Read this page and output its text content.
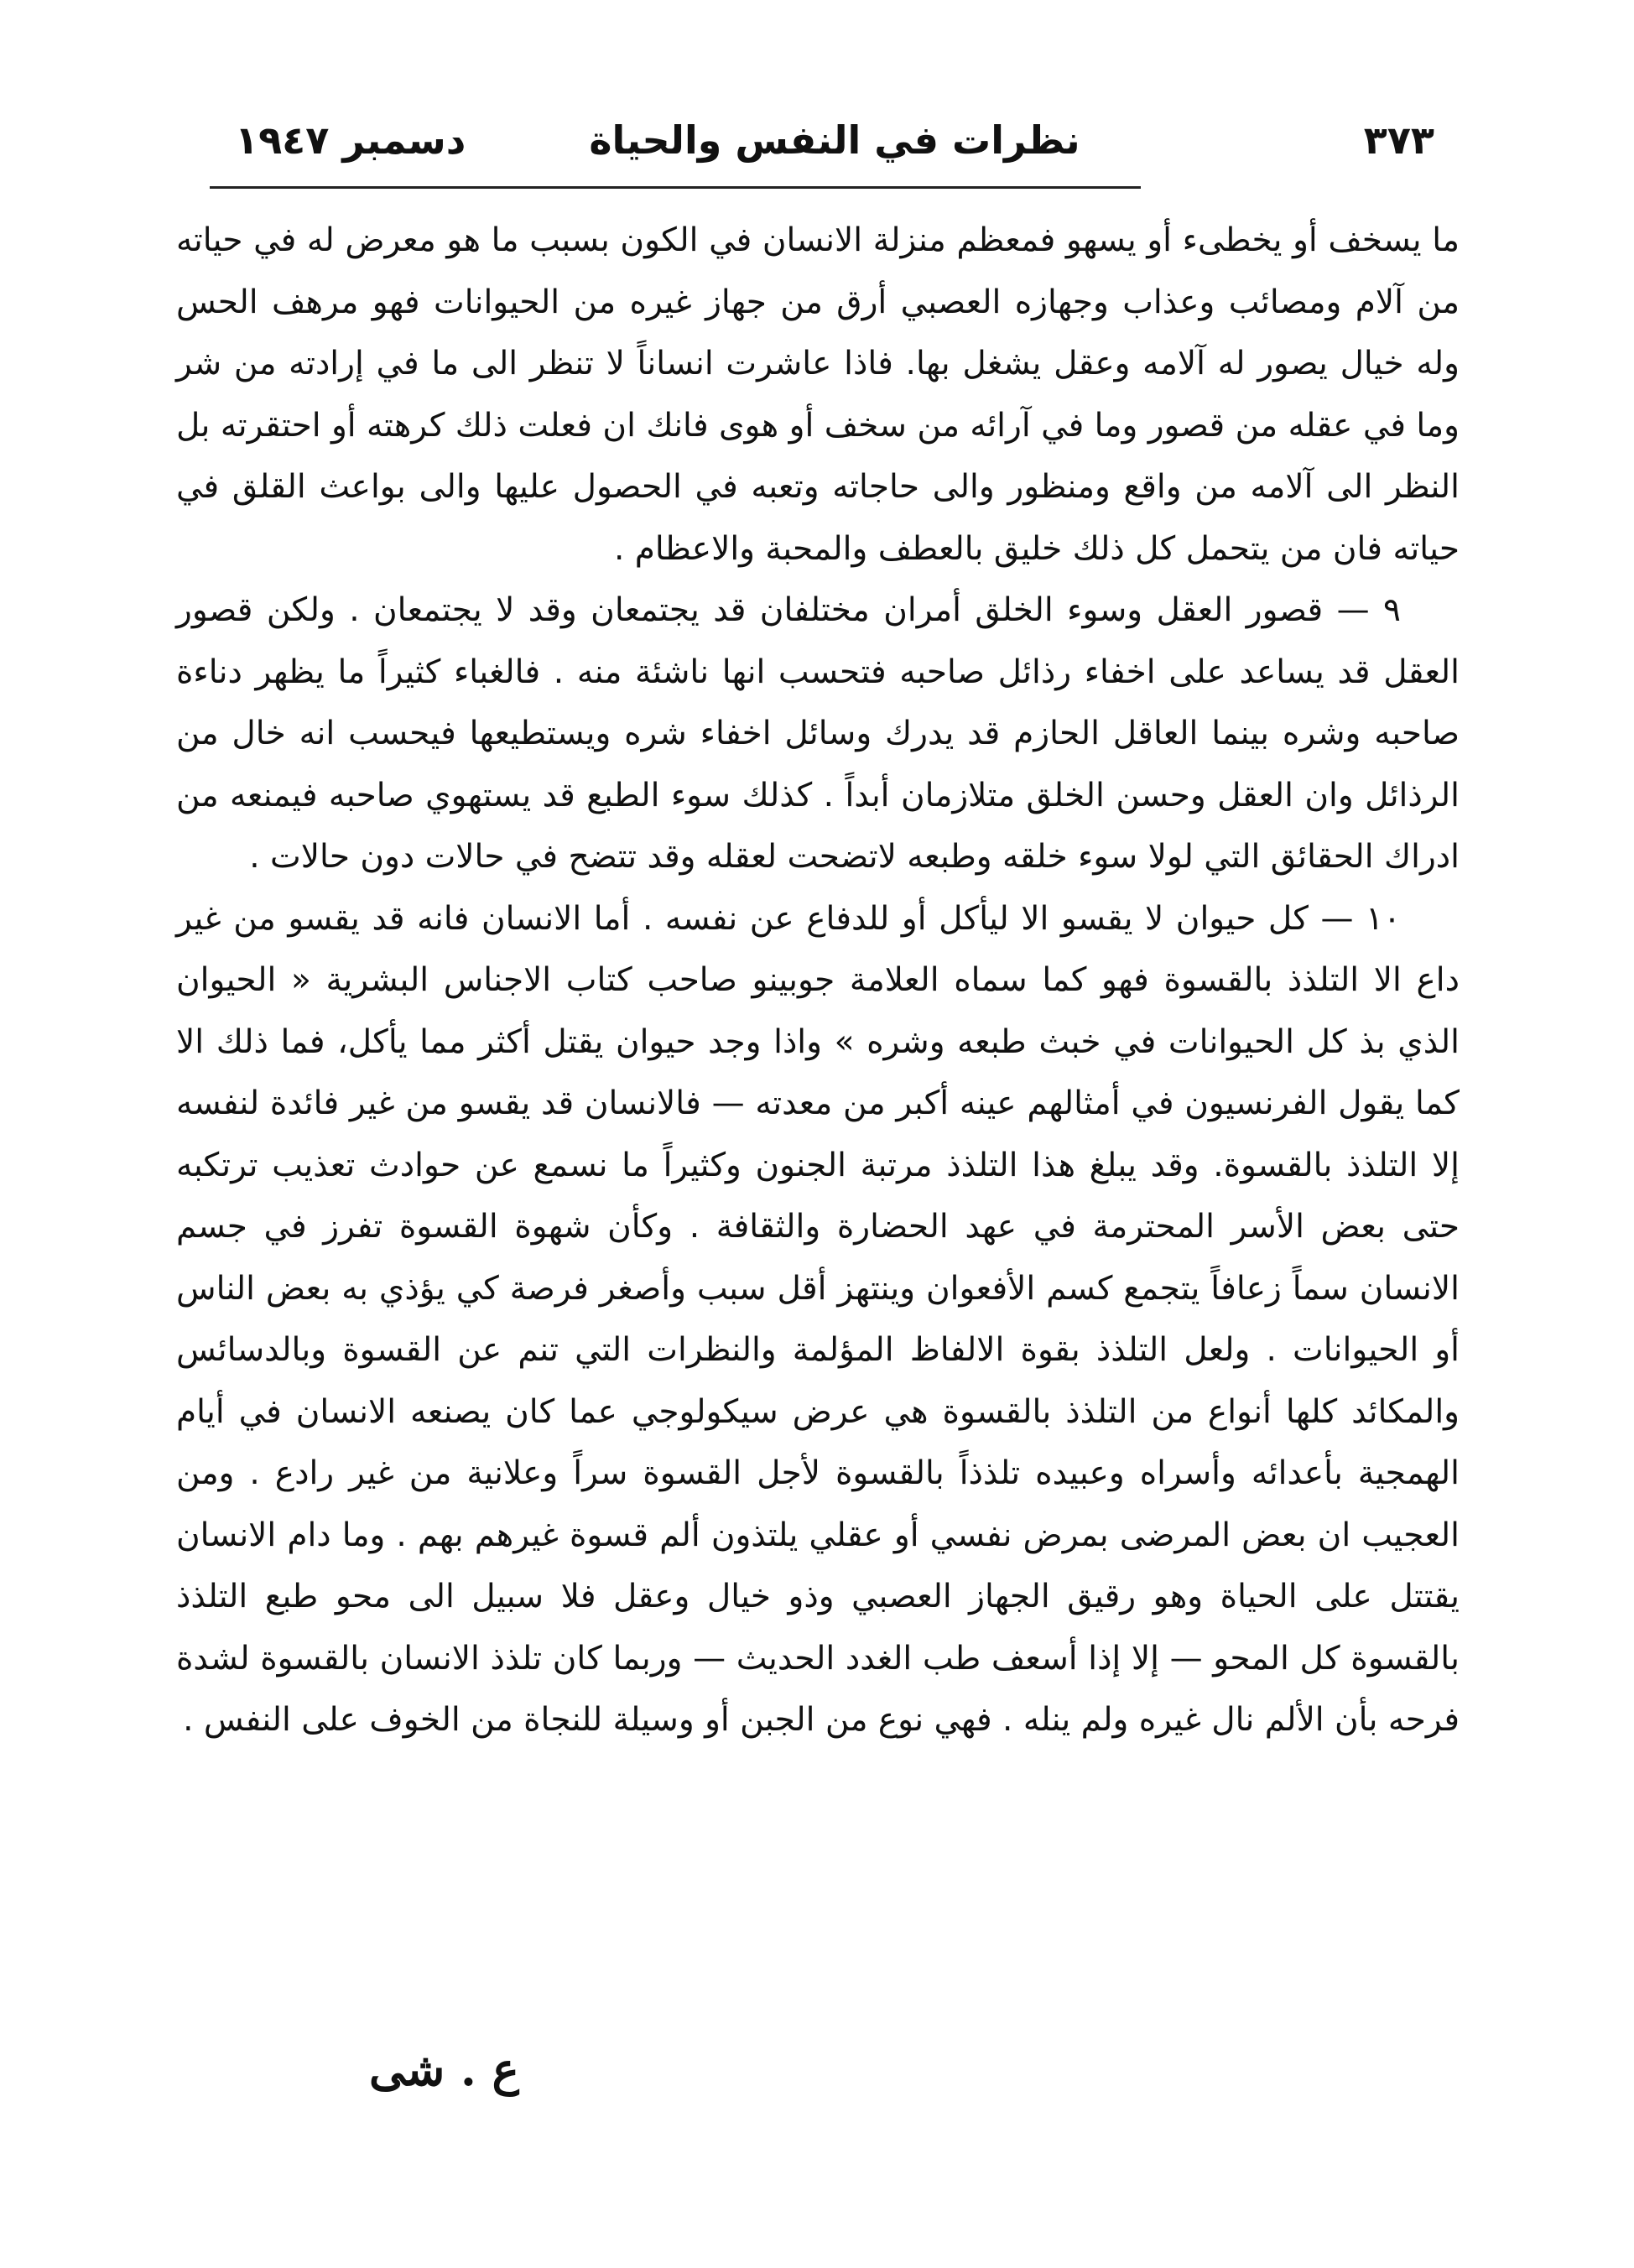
٣٧٣
نظرات في النفس والحياة
دسمبر ١٩٤٧

ما يسخف أو يخطىء أو يسهو فمعظم منزلة الانسان في الكون بسبب ما هو معرض له في حياته من آلام ومصائب وعذاب وجهازه العصبي أرق من جهاز غيره من الحيوانات فهو مرهف الحس وله خيال يصور له آلامه وعقل يشغل بها. فاذا عاشرت انساناً لا تنظر الى ما في إرادته من شر وما في عقله من قصور وما في آرائه من سخف أو هوى فانك ان فعلت ذلك كرهته أو احتقرته بل النظر الى آلامه من واقع ومنظور والى حاجاته وتعبه في الحصول عليها والى بواعث القلق في حياته فان من يتحمل كل ذلك خليق بالعطف والمحبة والاعظام .

٩ — قصور العقل وسوء الخلق أمران مختلفان قد يجتمعان وقد لا يجتمعان . ولكن قصور العقل قد يساعد على اخفاء رذائل صاحبه فتحسب انها ناشئة منه . فالغباء كثيراً ما يظهر دناءة صاحبه وشره بينما العاقل الحازم قد يدرك وسائل اخفاء شره ويستطيعها فيحسب انه خال من الرذائل وان العقل وحسن الخلق متلازمان أبداً . كذلك سوء الطبع قد يستهوي صاحبه فيمنعه من ادراك الحقائق التي لولا سوء خلقه وطبعه لاتضحت لعقله وقد تتضح في حالات دون حالات .

١٠ — كل حيوان لا يقسو الا ليأكل أو للدفاع عن نفسه . أما الانسان فانه قد يقسو من غير داع الا التلذذ بالقسوة فهو كما سماه العلامة جوبينو صاحب كتاب الاجناس البشرية « الحيوان الذي بذ كل الحيوانات في خبث طبعه وشره » واذا وجد حيوان يقتل أكثر مما يأكل، فما ذلك الا كما يقول الفرنسيون في أمثالهم عينه أكبر من معدته — فالانسان قد يقسو من غير فائدة لنفسه إلا التلذذ بالقسوة. وقد يبلغ هذا التلذذ مرتبة الجنون وكثيراً ما نسمع عن حوادث تعذيب ترتكبه حتى بعض الأسر المحترمة في عهد الحضارة والثقافة . وكأن شهوة القسوة تفرز في جسم الانسان سماً زعافاً يتجمع كسم الأفعوان وينتهز أقل سبب وأصغر فرصة كي يؤذي به بعض الناس أو الحيوانات . ولعل التلذذ بقوة الالفاظ المؤلمة والنظرات التي تنم عن القسوة وبالدسائس والمكائد كلها أنواع من التلذذ بالقسوة هي عرض سيكولوجي عما كان يصنعه الانسان في أيام الهمجية بأعدائه وأسراه وعبيده تلذذاً بالقسوة لأجل القسوة سراً وعلانية من غير رادع . ومن العجيب ان بعض المرضى بمرض نفسي أو عقلي يلتذون ألم قسوة غيرهم بهم . وما دام الانسان يقتتل على الحياة وهو رقيق الجهاز العصبي وذو خيال وعقل فلا سبيل الى محو طبع التلذذ بالقسوة كل المحو — إلا إذا أسعف طب الغدد الحديث — وربما كان تلذذ الانسان بالقسوة لشدة فرحه بأن الألم نال غيره ولم ينله . فهي نوع من الجبن أو وسيلة للنجاة من الخوف على النفس .

ع . شى
